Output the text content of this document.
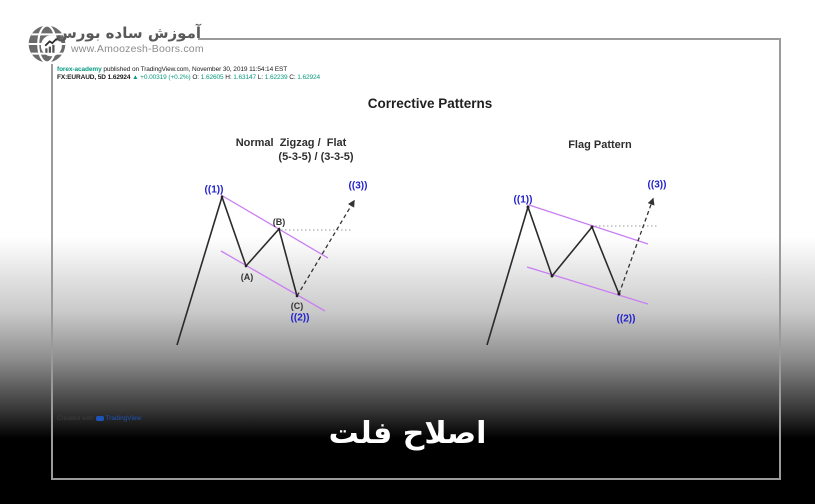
آموزش ساده بورس
www.Amoozesh-Boors.com
forex-academy published on TradingView.com, November 30, 2019 11:54:14 EST
FX:EURAUD, 5D 1.62924 ▲ +0.00319 (+0.2%) O: 1.62605 H: 1.63147 L: 1.62239 C: 1.62924
Corrective Patterns
Normal  Zigzag /  Flat
(5-3-5) / (3-3-5)
Flag Pattern
((1))
(A)
(B)
(C)
((2))
((3))
((1))
((2))
((3))
Created with TradingView	اصلاح فلت
